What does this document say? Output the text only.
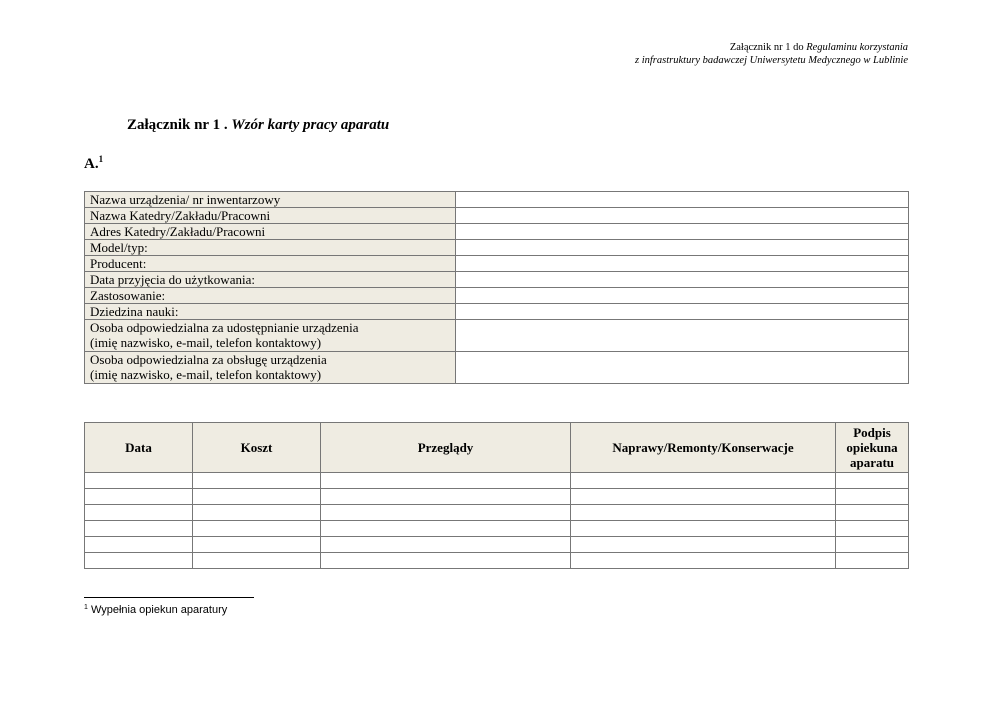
Załącznik nr 1 do Regulaminu korzystania
z infrastruktury badawczej Uniwersytetu Medycznego w Lublinie
Załącznik nr 1 . Wzór karty pracy aparatu
A.$^1$
Nazwa urządzenia/ nr inwentarzowy	
Nazwa Katedry/Zakładu/Pracowni	
Adres Katedry/Zakładu/Pracowni	
Model/typ:	
Producent:	
Data przyjęcia do użytkowania:	
Zastosowanie:	
Dziedzina nauki:	

Osoba odpowiedzialna za udostępnianie urządzenia
(imię nazwisko, e-mail, telefon kontaktowy)	

Osoba odpowiedzialna za obsługę urządzenia
(imię nazwisko, e-mail, telefon kontaktowy)	

Data	Koszt	Przeglądy	Naprawy/Remonty/Konserwacje	Podpis
opiekuna
aparatu

$^1$ Wypełnia opiekun aparatury
